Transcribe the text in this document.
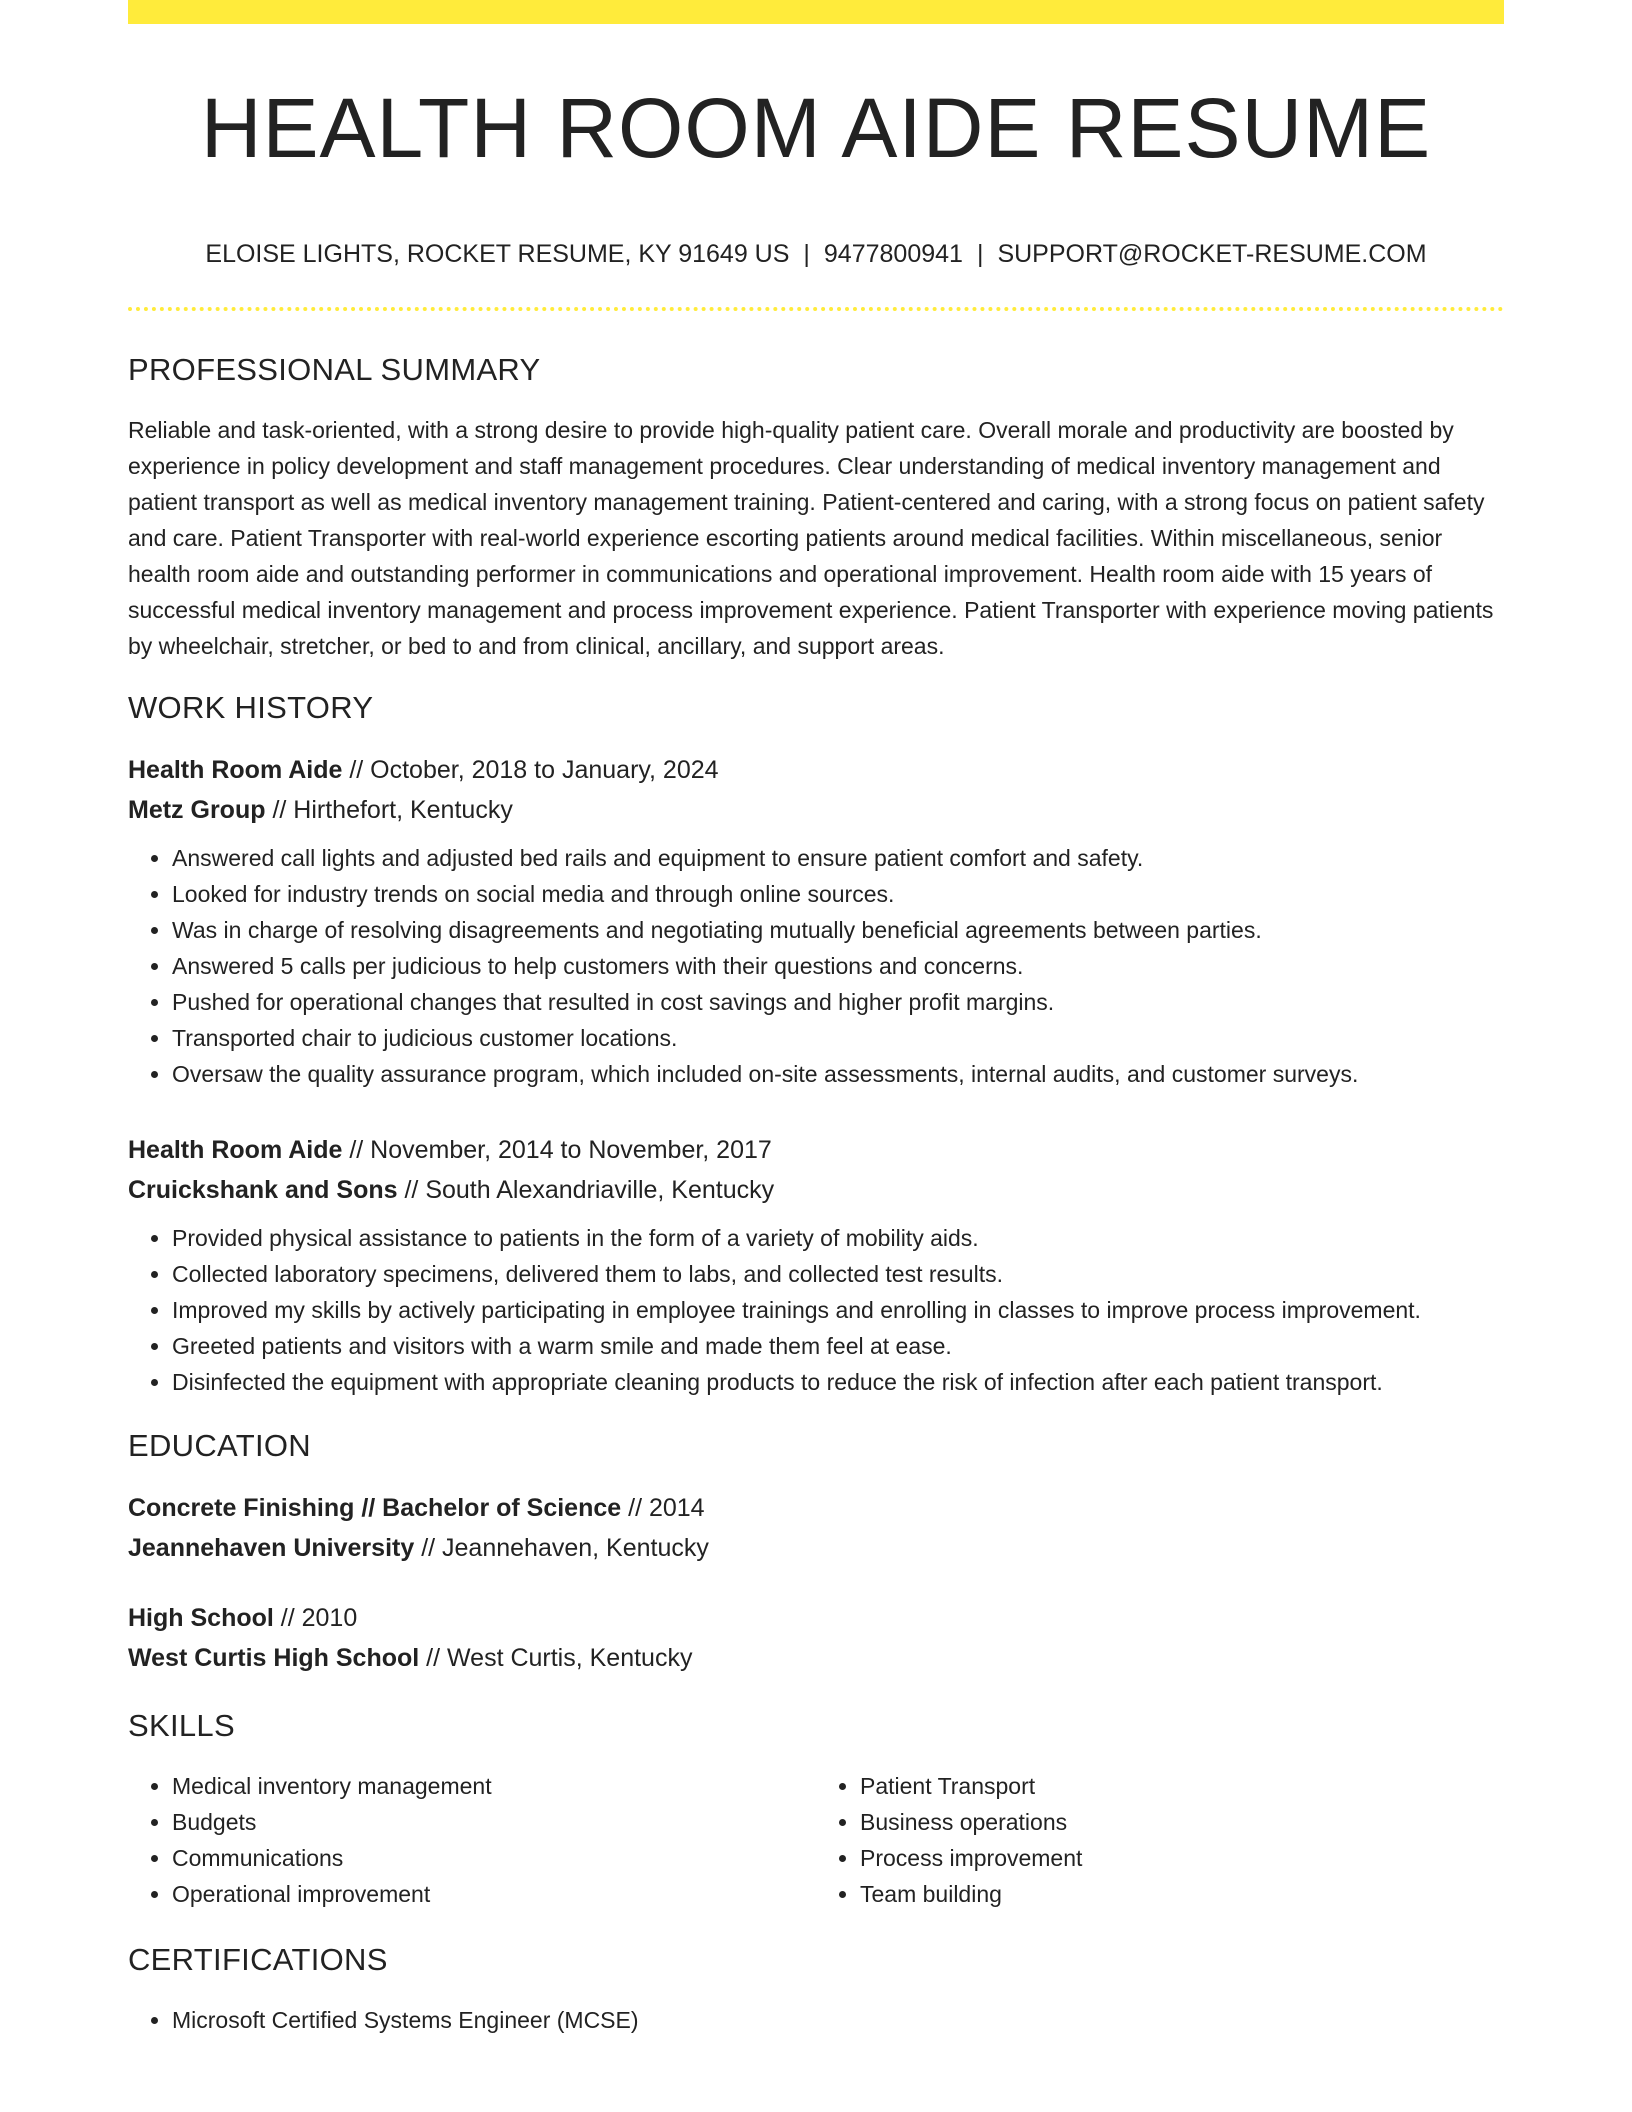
HEALTH ROOM AIDE RESUME
ELOISE LIGHTS, ROCKET RESUME, KY 91649 US | 9477800941 | SUPPORT@ROCKET-RESUME.COM
PROFESSIONAL SUMMARY

Reliable and task-oriented, with a strong desire to provide high-quality patient care. Overall morale and productivity are boosted by experience in policy development and staff management procedures. Clear understanding of medical inventory management and patient transport as well as medical inventory management training. Patient-centered and caring, with a strong focus on patient safety and care. Patient Transporter with real-world experience escorting patients around medical facilities. Within miscellaneous, senior health room aide and outstanding performer in communications and operational improvement. Health room aide with 15 years of successful medical inventory management and process improvement experience. Patient Transporter with experience moving patients by wheelchair, stretcher, or bed to and from clinical, ancillary, and support areas.

WORK HISTORY

Health Room Aide // October, 2018 to January, 2024

Metz Group // Hirthefort, Kentucky

• Answered call lights and adjusted bed rails and equipment to ensure patient comfort and safety.
• Looked for industry trends on social media and through online sources.
• Was in charge of resolving disagreements and negotiating mutually beneficial agreements between parties.
• Answered 5 calls per judicious to help customers with their questions and concerns.
• Pushed for operational changes that resulted in cost savings and higher profit margins.
• Transported chair to judicious customer locations.
• Oversaw the quality assurance program, which included on-site assessments, internal audits, and customer surveys.

Health Room Aide // November, 2014 to November, 2017

Cruickshank and Sons // South Alexandriaville, Kentucky

• Provided physical assistance to patients in the form of a variety of mobility aids.
• Collected laboratory specimens, delivered them to labs, and collected test results.
• Improved my skills by actively participating in employee trainings and enrolling in classes to improve process improvement.
• Greeted patients and visitors with a warm smile and made them feel at ease.
• Disinfected the equipment with appropriate cleaning products to reduce the risk of infection after each patient transport.
EDUCATION

Concrete Finishing // Bachelor of Science // 2014

Jeannehaven University // Jeannehaven, Kentucky

High School // 2010

West Curtis High School // West Curtis, Kentucky

SKILLS
• Medical inventory management
• Budgets
• Communications
• Operational improvement
• Patient Transport
• Business operations
• Process improvement
• Team building
CERTIFICATIONS
• Microsoft Certified Systems Engineer (MCSE)
